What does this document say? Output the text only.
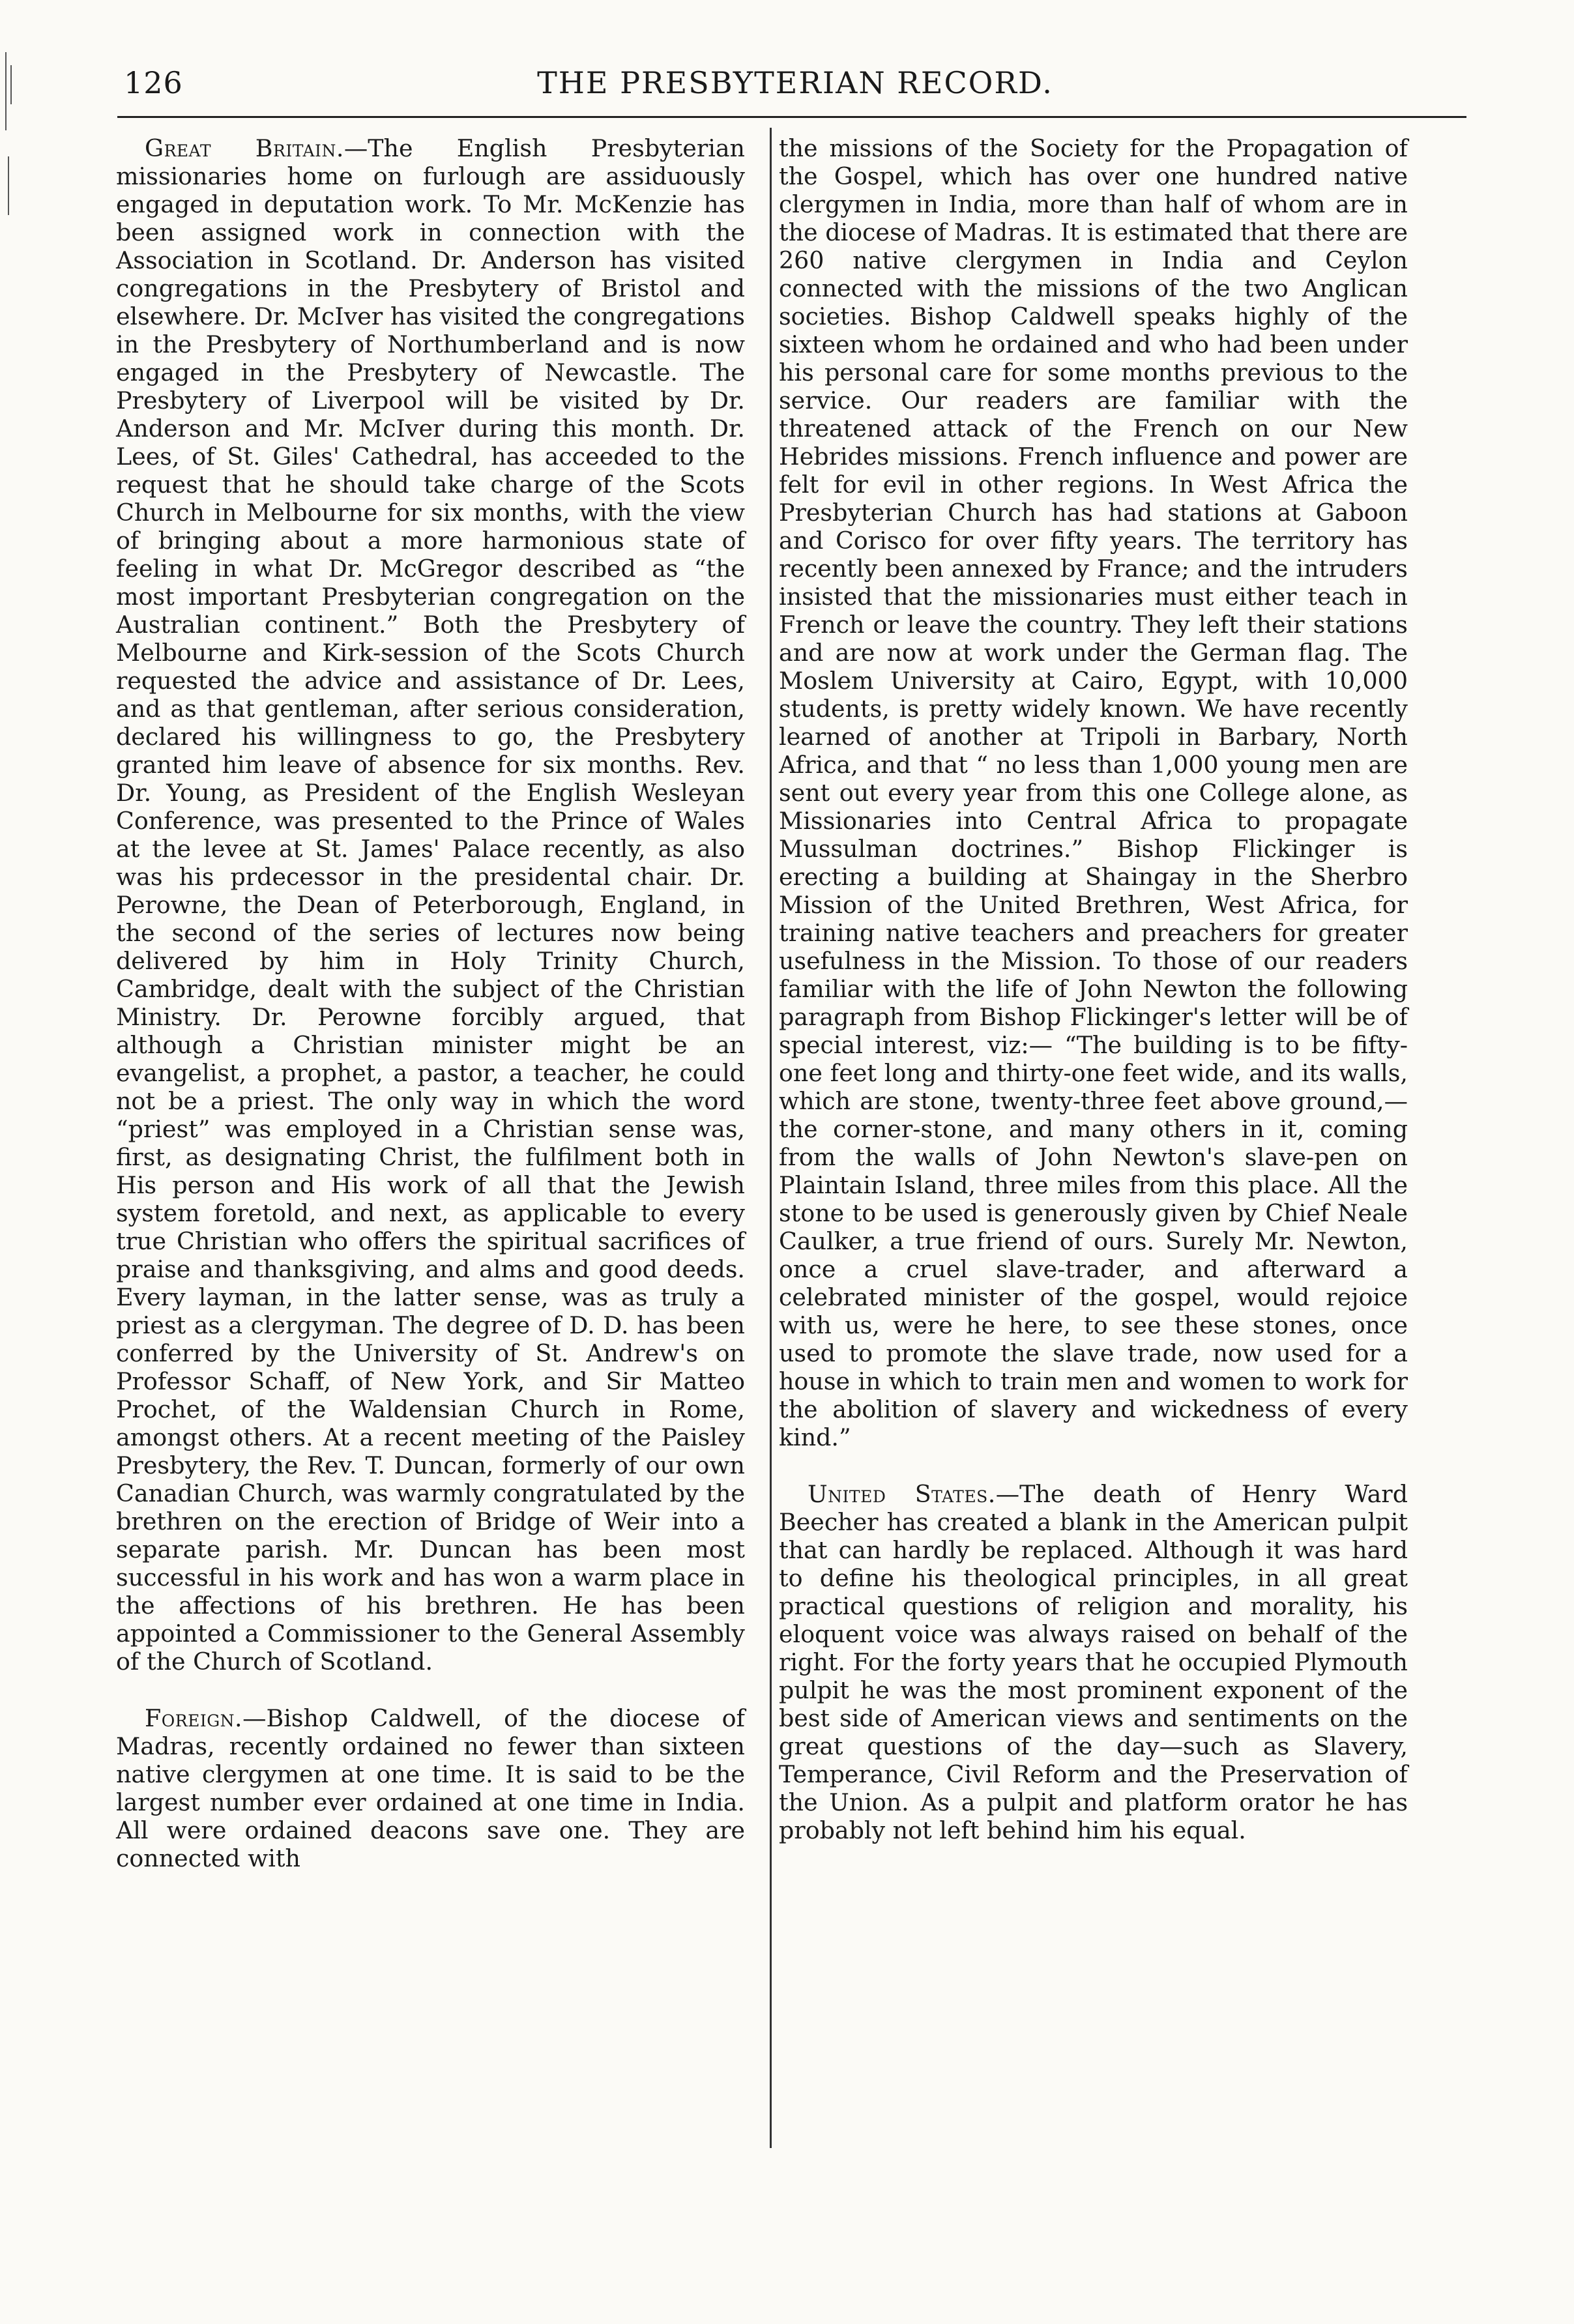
126	THE PRESBYTERIAN RECORD.

Great Britain.—The English Presbyterian missionaries home on furlough are assiduously engaged in deputation work. To Mr. McKenzie has been assigned work in connection with the Association in Scotland. Dr. Anderson has visited congregations in the Presbytery of Bristol and elsewhere. Dr. McIver has visited the congregations in the Presbytery of Northumberland and is now engaged in the Presbytery of Newcastle. The Presbytery of Liverpool will be visited by Dr. Anderson and Mr. McIver during this month. Dr. Lees, of St. Giles' Cathedral, has acceeded to the request that he should take charge of the Scots Church in Melbourne for six months, with the view of bringing about a more harmonious state of feeling in what Dr. McGregor described as “the most important Presbyterian congregation on the Australian continent.” Both the Presbytery of Melbourne and Kirk-session of the Scots Church requested the advice and assistance of Dr. Lees, and as that gentleman, after serious consideration, declared his willingness to go, the Presbytery granted him leave of absence for six months. Rev. Dr. Young, as President of the English Wesleyan Conference, was presented to the Prince of Wales at the levee at St. James' Palace recently, as also was his prdecessor in the presidental chair. Dr. Perowne, the Dean of Peterborough, England, in the second of the series of lectures now being delivered by him in Holy Trinity Church, Cambridge, dealt with the subject of the Christian Ministry. Dr. Perowne forcibly argued, that although a Christian minister might be an evangelist, a prophet, a pastor, a teacher, he could not be a priest. The only way in which the word “priest” was employed in a Christian sense was, first, as designating Christ, the fulfilment both in His person and His work of all that the Jewish system foretold, and next, as applicable to every true Christian who offers the spiritual sacrifices of praise and thanksgiving, and alms and good deeds. Every layman, in the latter sense, was as truly a priest as a clergyman. The degree of D. D. has been conferred by the University of St. Andrew's on Professor Schaff, of New York, and Sir Matteo Prochet, of the Waldensian Church in Rome, amongst others. At a recent meeting of the Paisley Presbytery, the Rev. T. Duncan, formerly of our own Canadian Church, was warmly congratulated by the brethren on the erection of Bridge of Weir into a separate parish. Mr. Duncan has been most successful in his work and has won a warm place in the affections of his brethren. He has been appointed a Commissioner to the General Assembly of the Church of Scotland.

Foreign.—Bishop Caldwell, of the diocese of Madras, recently ordained no fewer than sixteen native clergymen at one time. It is said to be the largest number ever ordained at one time in India. All were ordained deacons save one. They are connected with

the missions of the Society for the Propagation of the Gospel, which has over one hundred native clergymen in India, more than half of whom are in the diocese of Madras. It is estimated that there are 260 native clergymen in India and Ceylon connected with the missions of the two Anglican societies. Bishop Caldwell speaks highly of the sixteen whom he ordained and who had been under his personal care for some months previous to the service. Our readers are familiar with the threatened attack of the French on our New Hebrides missions. French influence and power are felt for evil in other regions. In West Africa the Presbyterian Church has had stations at Gaboon and Corisco for over fifty years. The territory has recently been annexed by France; and the intruders insisted that the missionaries must either teach in French or leave the country. They left their stations and are now at work under the German flag. The Moslem University at Cairo, Egypt, with 10,000 students, is pretty widely known. We have recently learned of another at Tripoli in Barbary, North Africa, and that “ no less than 1,000 young men are sent out every year from this one College alone, as Missionaries into Central Africa to propagate Mussulman doctrines.” Bishop Flickinger is erecting a building at Shaingay in the Sherbro Mission of the United Brethren, West Africa, for training native teachers and preachers for greater usefulness in the Mission. To those of our readers familiar with the life of John Newton the following paragraph from Bishop Flickinger's letter will be of special interest, viz:— “The building is to be fifty-one feet long and thirty-one feet wide, and its walls, which are stone, twenty-three feet above ground,—the corner-stone, and many others in it, coming from the walls of John Newton's slave-pen on Plaintain Island, three miles from this place. All the stone to be used is generously given by Chief Neale Caulker, a true friend of ours. Surely Mr. Newton, once a cruel slave-trader, and afterward a celebrated minister of the gospel, would rejoice with us, were he here, to see these stones, once used to promote the slave trade, now used for a house in which to train men and women to work for the abolition of slavery and wickedness of every kind.”

United States.—The death of Henry Ward Beecher has created a blank in the American pulpit that can hardly be replaced. Although it was hard to define his theological principles, in all great practical questions of religion and morality, his eloquent voice was always raised on behalf of the right. For the forty years that he occupied Plymouth pulpit he was the most prominent exponent of the best side of American views and sentiments on the great questions of the day—such as Slavery, Temperance, Civil Reform and the Preservation of the Union. As a pulpit and platform orator he has probably not left behind him his equal.
